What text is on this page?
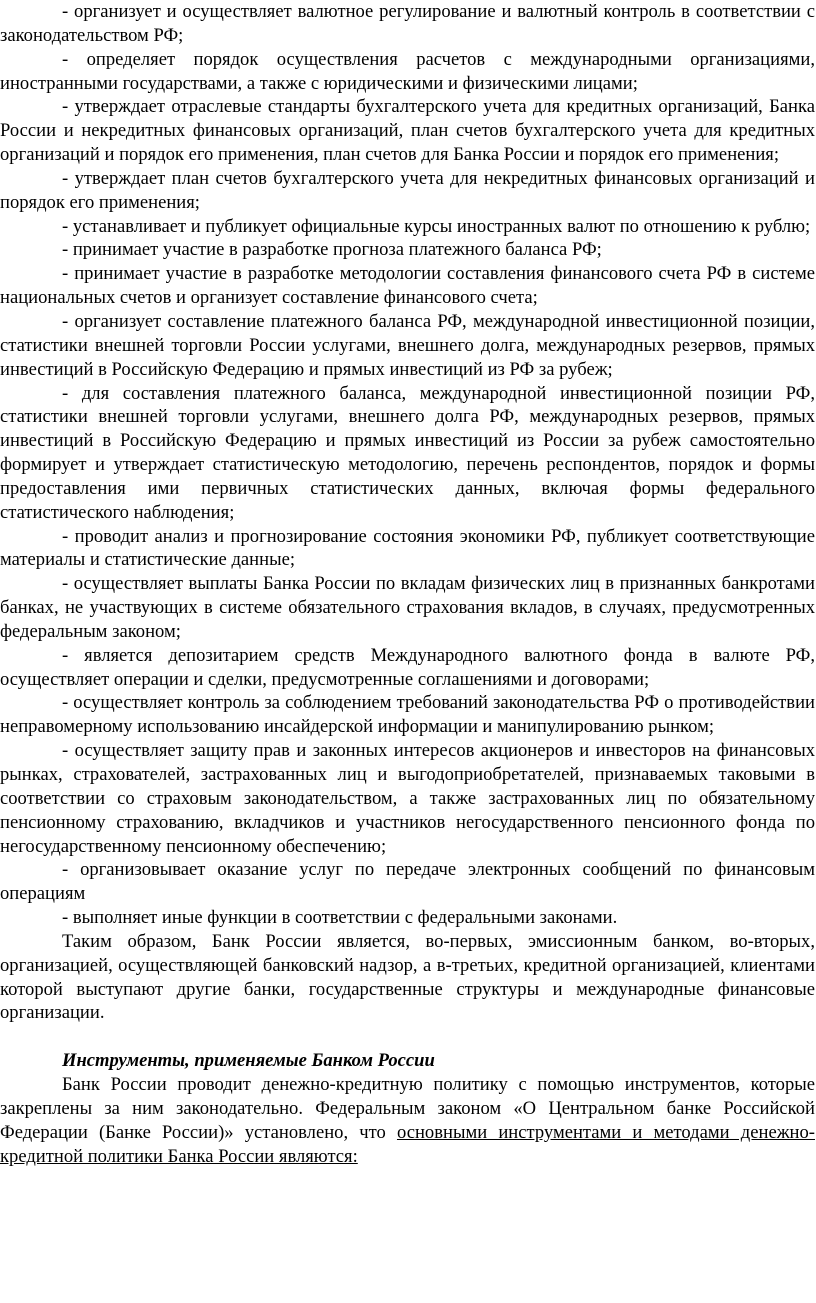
- организует и осуществляет валютное регулирование и валютный контроль в соответствии с законодательством РФ;

- определяет порядок осуществления расчетов с международными организациями, иностранными государствами, а также с юридическими и физическими лицами;

- утверждает отраслевые стандарты бухгалтерского учета для кредитных организаций, Банка России и некредитных финансовых организаций, план счетов бухгалтерского учета для кредитных организаций и порядок его применения, план счетов для Банка России и порядок его применения;

- утверждает план счетов бухгалтерского учета для некредитных финансовых организаций и порядок его применения;

- устанавливает и публикует официальные курсы иностранных валют по отношению к рублю;

- принимает участие в разработке прогноза платежного баланса РФ;

- принимает участие в разработке методологии составления финансового счета РФ в системе национальных счетов и организует составление финансового счета;

- организует составление платежного баланса РФ, международной инвестиционной позиции, статистики внешней торговли России услугами, внешнего долга, международных резервов, прямых инвестиций в Российскую Федерацию и прямых инвестиций из РФ за рубеж;

- для составления платежного баланса, международной инвестиционной позиции РФ, статистики внешней торговли услугами, внешнего долга РФ, международных резервов, прямых инвестиций в Российскую Федерацию и прямых инвестиций из России за рубеж самостоятельно формирует и утверждает статистическую методологию, перечень респондентов, порядок и формы предоставления ими первичных статистических данных, включая формы федерального статистического наблюдения;

- проводит анализ и прогнозирование состояния экономики РФ, публикует соответствующие материалы и статистические данные;

- осуществляет выплаты Банка России по вкладам физических лиц в признанных банкротами банках, не участвующих в системе обязательного страхования вкладов, в случаях, предусмотренных федеральным законом;

- является депозитарием средств Международного валютного фонда в валюте РФ, осуществляет операции и сделки, предусмотренные соглашениями и договорами;

- осуществляет контроль за соблюдением требований законодательства РФ о противодействии неправомерному использованию инсайдерской информации и манипулированию рынком;

- осуществляет защиту прав и законных интересов акционеров и инвесторов на финансовых рынках, страхователей, застрахованных лиц и выгодоприобретателей, признаваемых таковыми в соответствии со страховым законодательством, а также застрахованных лиц по обязательному пенсионному страхованию, вкладчиков и участников негосударственного пенсионного фонда по негосударственному пенсионному обеспечению;

- организовывает оказание услуг по передаче электронных сообщений по финансовым операциям

- выполняет иные функции в соответствии с федеральными законами.

Таким образом, Банк России является, во-первых, эмиссионным банком, во-вторых, организацией, осуществляющей банковский надзор, а в-третьих, кредитной организацией, клиентами которой выступают другие банки, государственные структуры и международные финансовые организации.

Инструменты, применяемые Банком России

Банк России проводит денежно-кредитную политику с помощью инструментов, которые закреплены за ним законодательно. Федеральным законом «О Центральном банке Российской Федерации (Банке России)» установлено, что основными инструментами и методами денежно-кредитной политики Банка России являются:
